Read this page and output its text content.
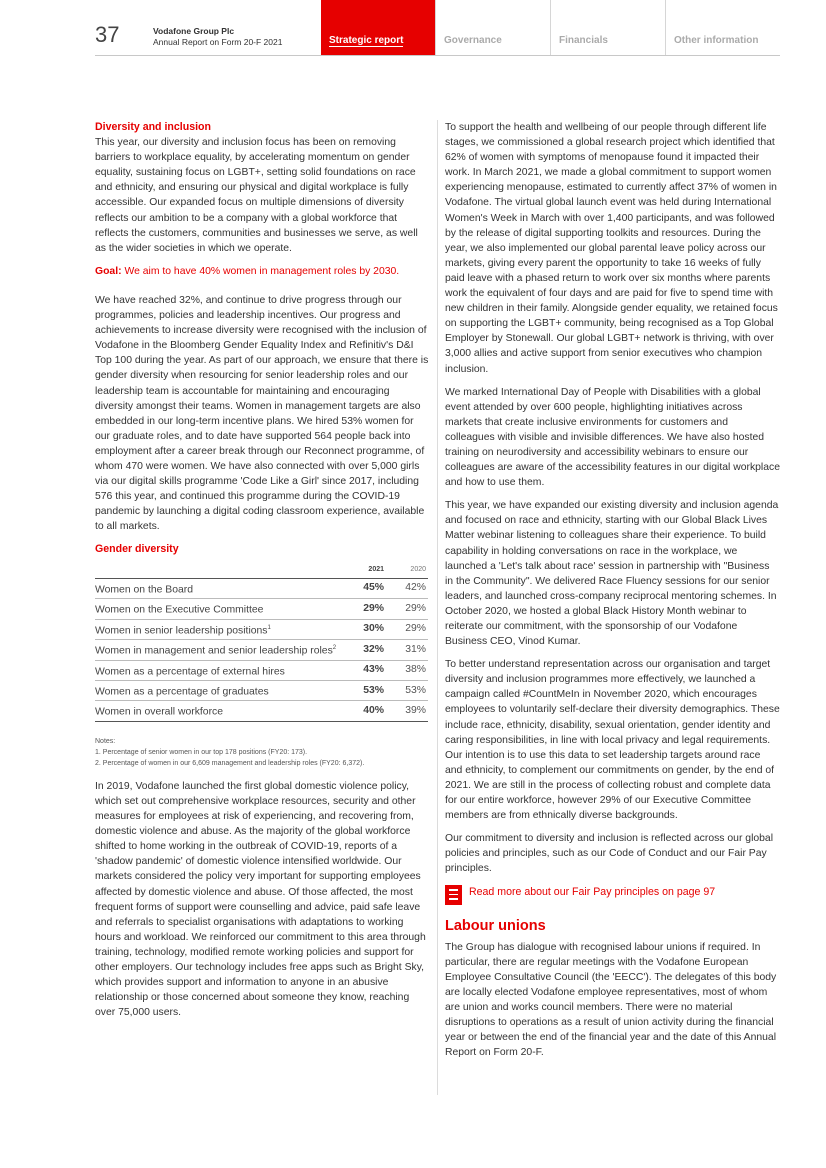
37	Vodafone Group Plc
Annual Report on Form 20-F 2021	Strategic report	Governance	Financials	Other information
Diversity and inclusion

This year, our diversity and inclusion focus has been on removing barriers to workplace equality, by accelerating momentum on gender equality, sustaining focus on LGBT+, setting solid foundations on race and ethnicity, and ensuring our physical and digital workplace is fully accessible. Our expanded focus on multiple dimensions of diversity reflects our ambition to be a company with a global workforce that reflects the customers, communities and businesses we serve, as well as the wider societies in which we operate.

Goal: We aim to have 40% women in management roles by 2030.

We have reached 32%, and continue to drive progress through our programmes, policies and leadership incentives. Our progress and achievements to increase diversity were recognised with the inclusion of Vodafone in the Bloomberg Gender Equality Index and Refinitiv's D&I Top 100 during the year. As part of our approach, we ensure that there is gender diversity when resourcing for senior leadership roles and our leadership team is accountable for maintaining and encouraging diversity amongst their teams. Women in management targets are also embedded in our long-term incentive plans. We hired 53% women for our graduate roles, and to date have supported 564 people back into employment after a career break through our Reconnect programme, of whom 470 were women. We have also connected with over 5,000 girls via our digital skills programme 'Code Like a Girl' since 2017, including 576 this year, and continued this programme during the COVID-19 pandemic by launching a digital coding classroom experience, available to all markets.

Gender diversity
	2021	2020
Women on the Board	45%	42%
Women on the Executive Committee	29%	29%
Women in senior leadership positions$^1$	30%	29%
Women in management and senior leadership roles$^2$	32%	31%
Women as a percentage of external hires	43%	38%
Women as a percentage of graduates	53%	53%
Women in overall workforce	40%	39%
Notes:
1. Percentage of senior women in our top 178 positions (FY20: 173).
2. Percentage of women in our 6,609 management and leadership roles (FY20: 6,372).

In 2019, Vodafone launched the first global domestic violence policy, which set out comprehensive workplace resources, security and other measures for employees at risk of experiencing, and recovering from, domestic violence and abuse. As the majority of the global workforce shifted to home working in the outbreak of COVID-19, reports of a 'shadow pandemic' of domestic violence intensified worldwide. Our markets considered the policy very important for supporting employees affected by domestic violence and abuse. Of those affected, the most frequent forms of support were counselling and advice, paid safe leave and referrals to specialist organisations with adaptations to working hours and workload. We reinforced our commitment to this area through training, technology, modified remote working policies and support for other employers. Our technology includes free apps such as Bright Sky, which provides support and information to anyone in an abusive relationship or those concerned about someone they know, reaching over 75,000 users.

To support the health and wellbeing of our people through different life stages, we commissioned a global research project which identified that 62% of women with symptoms of menopause found it impacted their work. In March 2021, we made a global commitment to support women experiencing menopause, estimated to currently affect 37% of women in Vodafone. The virtual global launch event was held during International Women's Week in March with over 1,400 participants, and was followed by the release of digital supporting toolkits and resources. During the year, we also implemented our global parental leave policy across our markets, giving every parent the opportunity to take 16 weeks of fully paid leave with a phased return to work over six months where parents work the equivalent of four days and are paid for five to spend time with new children in their family. Alongside gender equality, we retained focus on supporting the LGBT+ community, being recognised as a Top Global Employer by Stonewall. Our global LGBT+ network is thriving, with over 3,000 allies and active support from senior executives who champion inclusion.

We marked International Day of People with Disabilities with a global event attended by over 600 people, highlighting initiatives across markets that create inclusive environments for customers and colleagues with visible and invisible differences. We have also hosted training on neurodiversity and accessibility webinars to ensure our colleagues are aware of the accessibility features in our digital workplace and how to use them.

This year, we have expanded our existing diversity and inclusion agenda and focused on race and ethnicity, starting with our Global Black Lives Matter webinar listening to colleagues share their experience. To build capability in holding conversations on race in the workplace, we launched a 'Let's talk about race' session in partnership with "Business in the Community". We delivered Race Fluency sessions for our senior leaders, and launched cross-company reciprocal mentoring schemes. In October 2020, we hosted a global Black History Month webinar to reiterate our commitment, with the sponsorship of our Vodafone Business CEO, Vinod Kumar.

To better understand representation across our organisation and target diversity and inclusion programmes more effectively, we launched a campaign called #CountMeIn in November 2020, which encourages employees to voluntarily self-declare their diversity demographics. These include race, ethnicity, disability, sexual orientation, gender identity and caring responsibilities, in line with local privacy and legal requirements. Our intention is to use this data to set leadership targets around race and ethnicity, to complement our commitments on gender, by the end of 2021. We are still in the process of collecting robust and complete data for our entire workforce, however 29% of our Executive Committee members are from ethnically diverse backgrounds.

Our commitment to diversity and inclusion is reflected across our global policies and principles, such as our Code of Conduct and our Fair Pay principles.

Read more about our Fair Pay principles on page 97
Labour unions

The Group has dialogue with recognised labour unions if required. In particular, there are regular meetings with the Vodafone European Employee Consultative Council (the 'EECC'). The delegates of this body are locally elected Vodafone employee representatives, most of whom are union and works council members. There were no material disruptions to operations as a result of union activity during the financial year or between the end of the financial year and the date of this Annual Report on Form 20-F.
